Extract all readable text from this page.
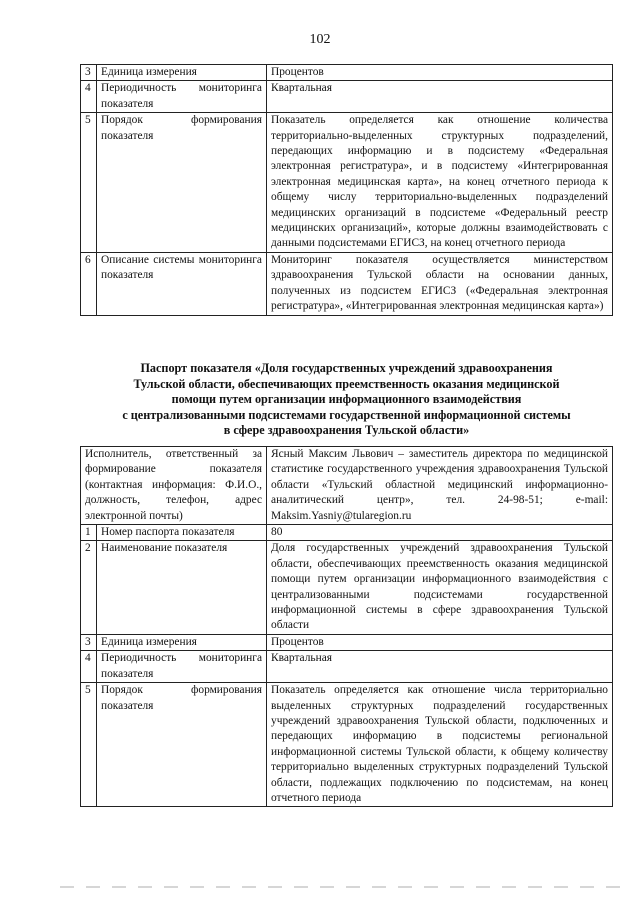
102
3	Единица измерения	Процентов
4	Периодичность мониторинга показателя	Квартальная
5	Порядок формирования показателя	Показатель определяется как отношение количества территориально-выделенных структурных подразделений, передающих информацию и в подсистему «Федеральная электронная регистратура», и в подсистему «Интегрированная электронная медицинская карта», на конец отчетного периода к общему числу территориально-выделенных подразделений медицинских организаций в подсистеме «Федеральный реестр медицинских организаций», которые должны взаимодействовать с данными подсистемами ЕГИСЗ, на конец отчетного периода
6	Описание системы мониторинга показателя	Мониторинг показателя осуществляется министерством здравоохранения Тульской области на основании данных, полученных из подсистем ЕГИСЗ («Федеральная электронная регистратура», «Интегрированная электронная медицинская карта»)
Паспорт показателя «Доля государственных учреждений здравоохранения
Тульской области, обеспечивающих преемственность оказания медицинской
помощи путем организации информационного взаимодействия
с централизованными подсистемами государственной информационной системы
в сфере здравоохранения Тульской области»
Исполнитель, ответственный за формирование показателя (контактная информация: Ф.И.О., должность, телефон, адрес электронной почты)		Ясный Максим Львович – заместитель директора по медицинской статистике государственного учреждения здравоохранения Тульской области «Тульский областной медицинский информационно-аналитический центр», тел. 24-98-51; e-mail: Maksim.Yasniy@tularegion.ru
1	Номер паспорта показателя	80
2	Наименование показателя	Доля государственных учреждений здравоохранения Тульской области, обеспечивающих преемственность оказания медицинской помощи путем организации информационного взаимодействия с централизованными подсистемами государственной информационной системы в сфере здравоохранения Тульской области
3	Единица измерения	Процентов
4	Периодичность мониторинга показателя	Квартальная
5	Порядок формирования показателя	Показатель определяется как отношение числа территориально выделенных структурных подразделений государственных учреждений здравоохранения Тульской области, подключенных и передающих информацию в подсистемы региональной информационной системы Тульской области, к общему количеству территориально выделенных структурных подразделений Тульской области, подлежащих подключению по подсистемам, на конец отчетного периода
